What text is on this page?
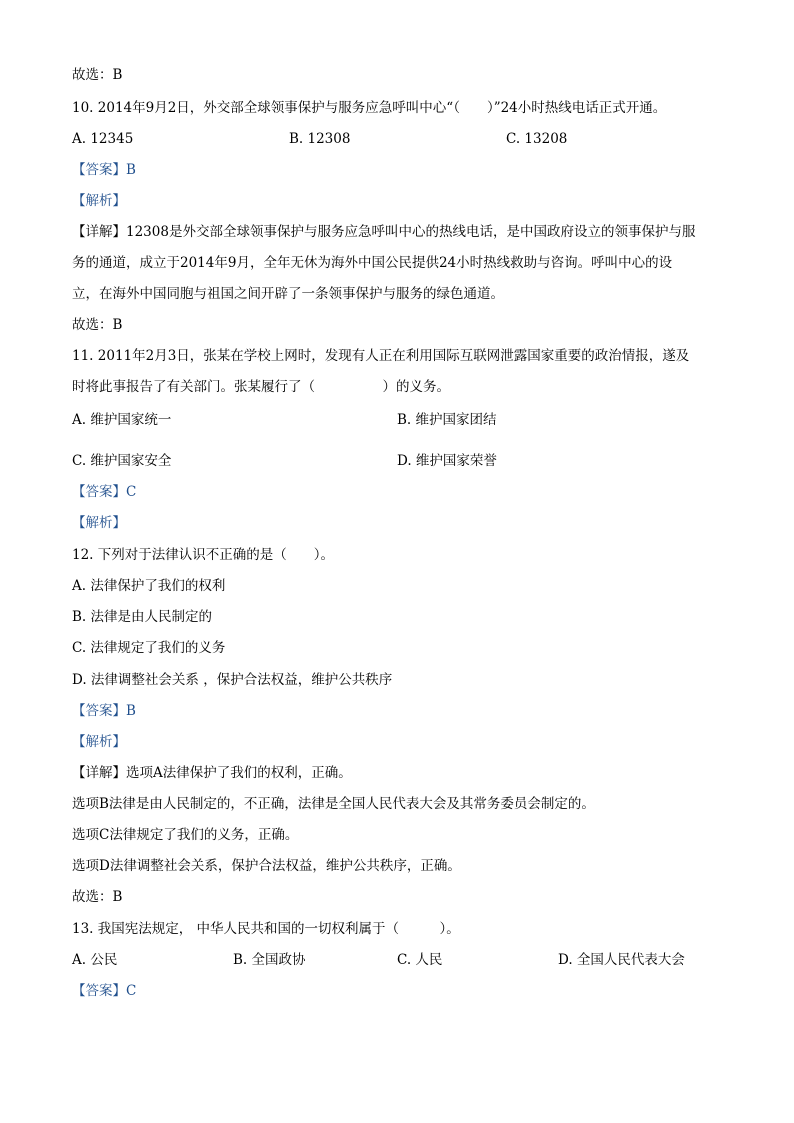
故选：B
10. 2014年9月2日，外交部全球领事保护与服务应急呼叫中心“（　　）”24小时热线电话正式开通。
A. 12345	B. 12308	C. 13208
【答案】B
【解析】
【详解】12308是外交部全球领事保护与服务应急呼叫中心的热线电话，是中国政府设立的领事保护与服
务的通道，成立于2014年9月，全年无休为海外中国公民提供24小时热线救助与咨询。呼叫中心的设
立，在海外中国同胞与祖国之间开辟了一条领事保护与服务的绿色通道。
故选：B
11. 2011年2月3日，张某在学校上网时，发现有人正在利用国际互联网泄露国家重要的政治情报，遂及
时将此事报告了有关部门。张某履行了（　　　　　）的义务。
A. 维护国家统一	B. 维护国家团结
C. 维护国家安全	D. 维护国家荣誉
【答案】C
【解析】
12. 下列对于法律认识不正确的是（　　）。
A. 法律保护了我们的权利
B. 法律是由人民制定的
C. 法律规定了我们的义务
D. 法律调整社会关系 ，保护合法权益，维护公共秩序
【答案】B
【解析】
【详解】选项A法律保护了我们的权利，正确。
选项B法律是由人民制定的，不正确，法律是全国人民代表大会及其常务委员会制定的。
选项C法律规定了我们的义务，正确。
选项D法律调整社会关系，保护合法权益，维护公共秩序，正确。
故选：B
13. 我国宪法规定， 中华人民共和国的一切权利属于（　　　）。
A. 公民	B. 全国政协	C. 人民	D. 全国人民代表大会
【答案】C
